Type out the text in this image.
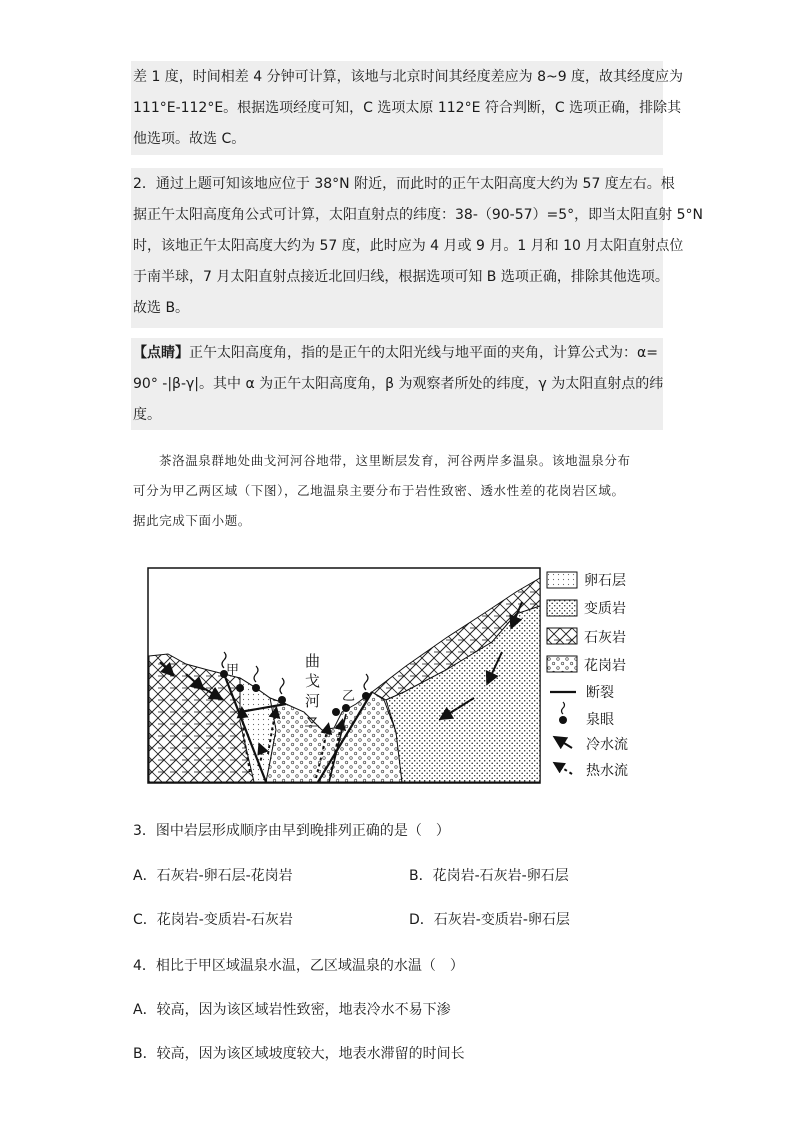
差 1 度，时间相差 4 分钟可计算，该地与北京时间其经度差应为 8~9 度，故其经度应为
111°E-112°E。根据选项经度可知，C 选项太原 112°E 符合判断，C 选项正确，排除其
他选项。故选 C。
2．通过上题可知该地应位于 38°N 附近，而此时的正午太阳高度大约为 57 度左右。根
据正午太阳高度角公式可计算，太阳直射点的纬度：38-（90-57）=5°，即当太阳直射 5°N
时，该地正午太阳高度大约为 57 度，此时应为 4 月或 9 月。1 月和 10 月太阳直射点位
于南半球，7 月太阳直射点接近北回归线，根据选项可知 B 选项正确，排除其他选项。
故选 B。
【点睛】正午太阳高度角，指的是正午的太阳光线与地平面的夹角，计算公式为：α=
90° -|β-γ|。其中 α 为正午太阳高度角，β 为观察者所处的纬度，γ 为太阳直射点的纬
度。
茶洛温泉群地处曲戈河河谷地带，这里断层发育，河谷两岸多温泉。该地温泉分布
可分为甲乙两区域（下图），乙地温泉主要分布于岩性致密、透水性差的花岗岩区域。
据此完成下面小题。
甲
乙
曲
戈
河
卵石层
变质岩
石灰岩
花岗岩
断裂
泉眼
冷水流
热水流
3．图中岩层形成顺序由早到晚排列正确的是（　）
A．石灰岩-卵石层-花岗岩	B．花岗岩-石灰岩-卵石层
C．花岗岩-变质岩-石灰岩	D．石灰岩-变质岩-卵石层
4．相比于甲区域温泉水温，乙区域温泉的水温（　）
A．较高，因为该区域岩性致密，地表冷水不易下渗
B．较高，因为该区域坡度较大，地表水滞留的时间长
